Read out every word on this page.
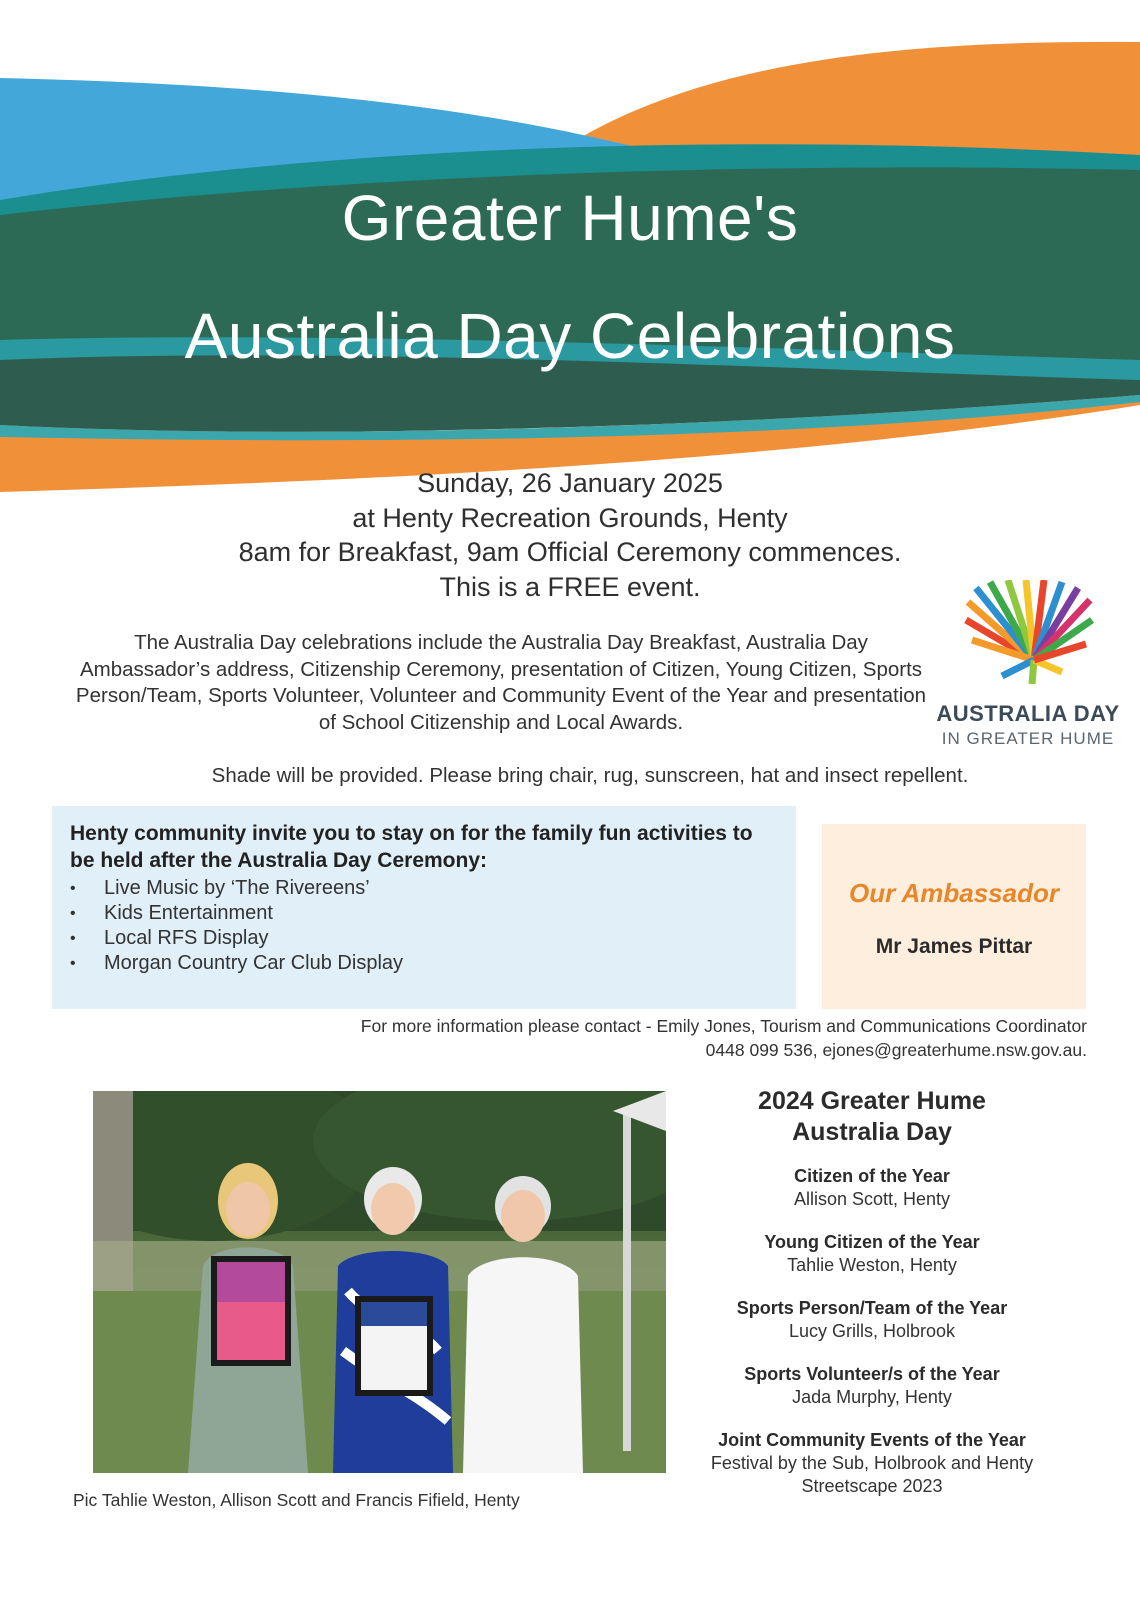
Greater Hume's
Australia Day Celebrations
Sunday, 26 January 2025
at Henty Recreation Grounds, Henty
8am for Breakfast, 9am Official Ceremony commences.
This is a FREE event.
The Australia Day celebrations include the Australia Day Breakfast, Australia Day Ambassador’s address, Citizenship Ceremony, presentation of Citizen, Young Citizen, Sports Person/Team, Sports Volunteer, Volunteer and Community Event of the Year and presentation of School Citizenship and Local Awards.	AUSTRALIA DAY
IN GREATER HUME
Shade will be provided. Please bring chair, rug, sunscreen, hat and insect repellent.
Henty community invite you to stay on for the family fun activities to be held after the Australia Day Ceremony:
• Live Music by ‘The Rivereens’
• Kids Entertainment
• Local RFS Display
• Morgan Country Car Club Display
Our Ambassador
Mr James Pittar
For more information please contact - Emily Jones, Tourism and Communications Coordinator
0448 099 536, ejones@greaterhume.nsw.gov.au.
Pic Tahlie Weston, Allison Scott and Francis Fifield, Henty
2024 Greater Hume
Australia Day
Citizen of the Year
Allison Scott, Henty
Young Citizen of the Year
Tahlie Weston, Henty
Sports Person/Team of the Year
Lucy Grills, Holbrook
Sports Volunteer/s of the Year
Jada Murphy, Henty
Joint Community Events of the Year
Festival by the Sub, Holbrook and Henty Streetscape 2023
